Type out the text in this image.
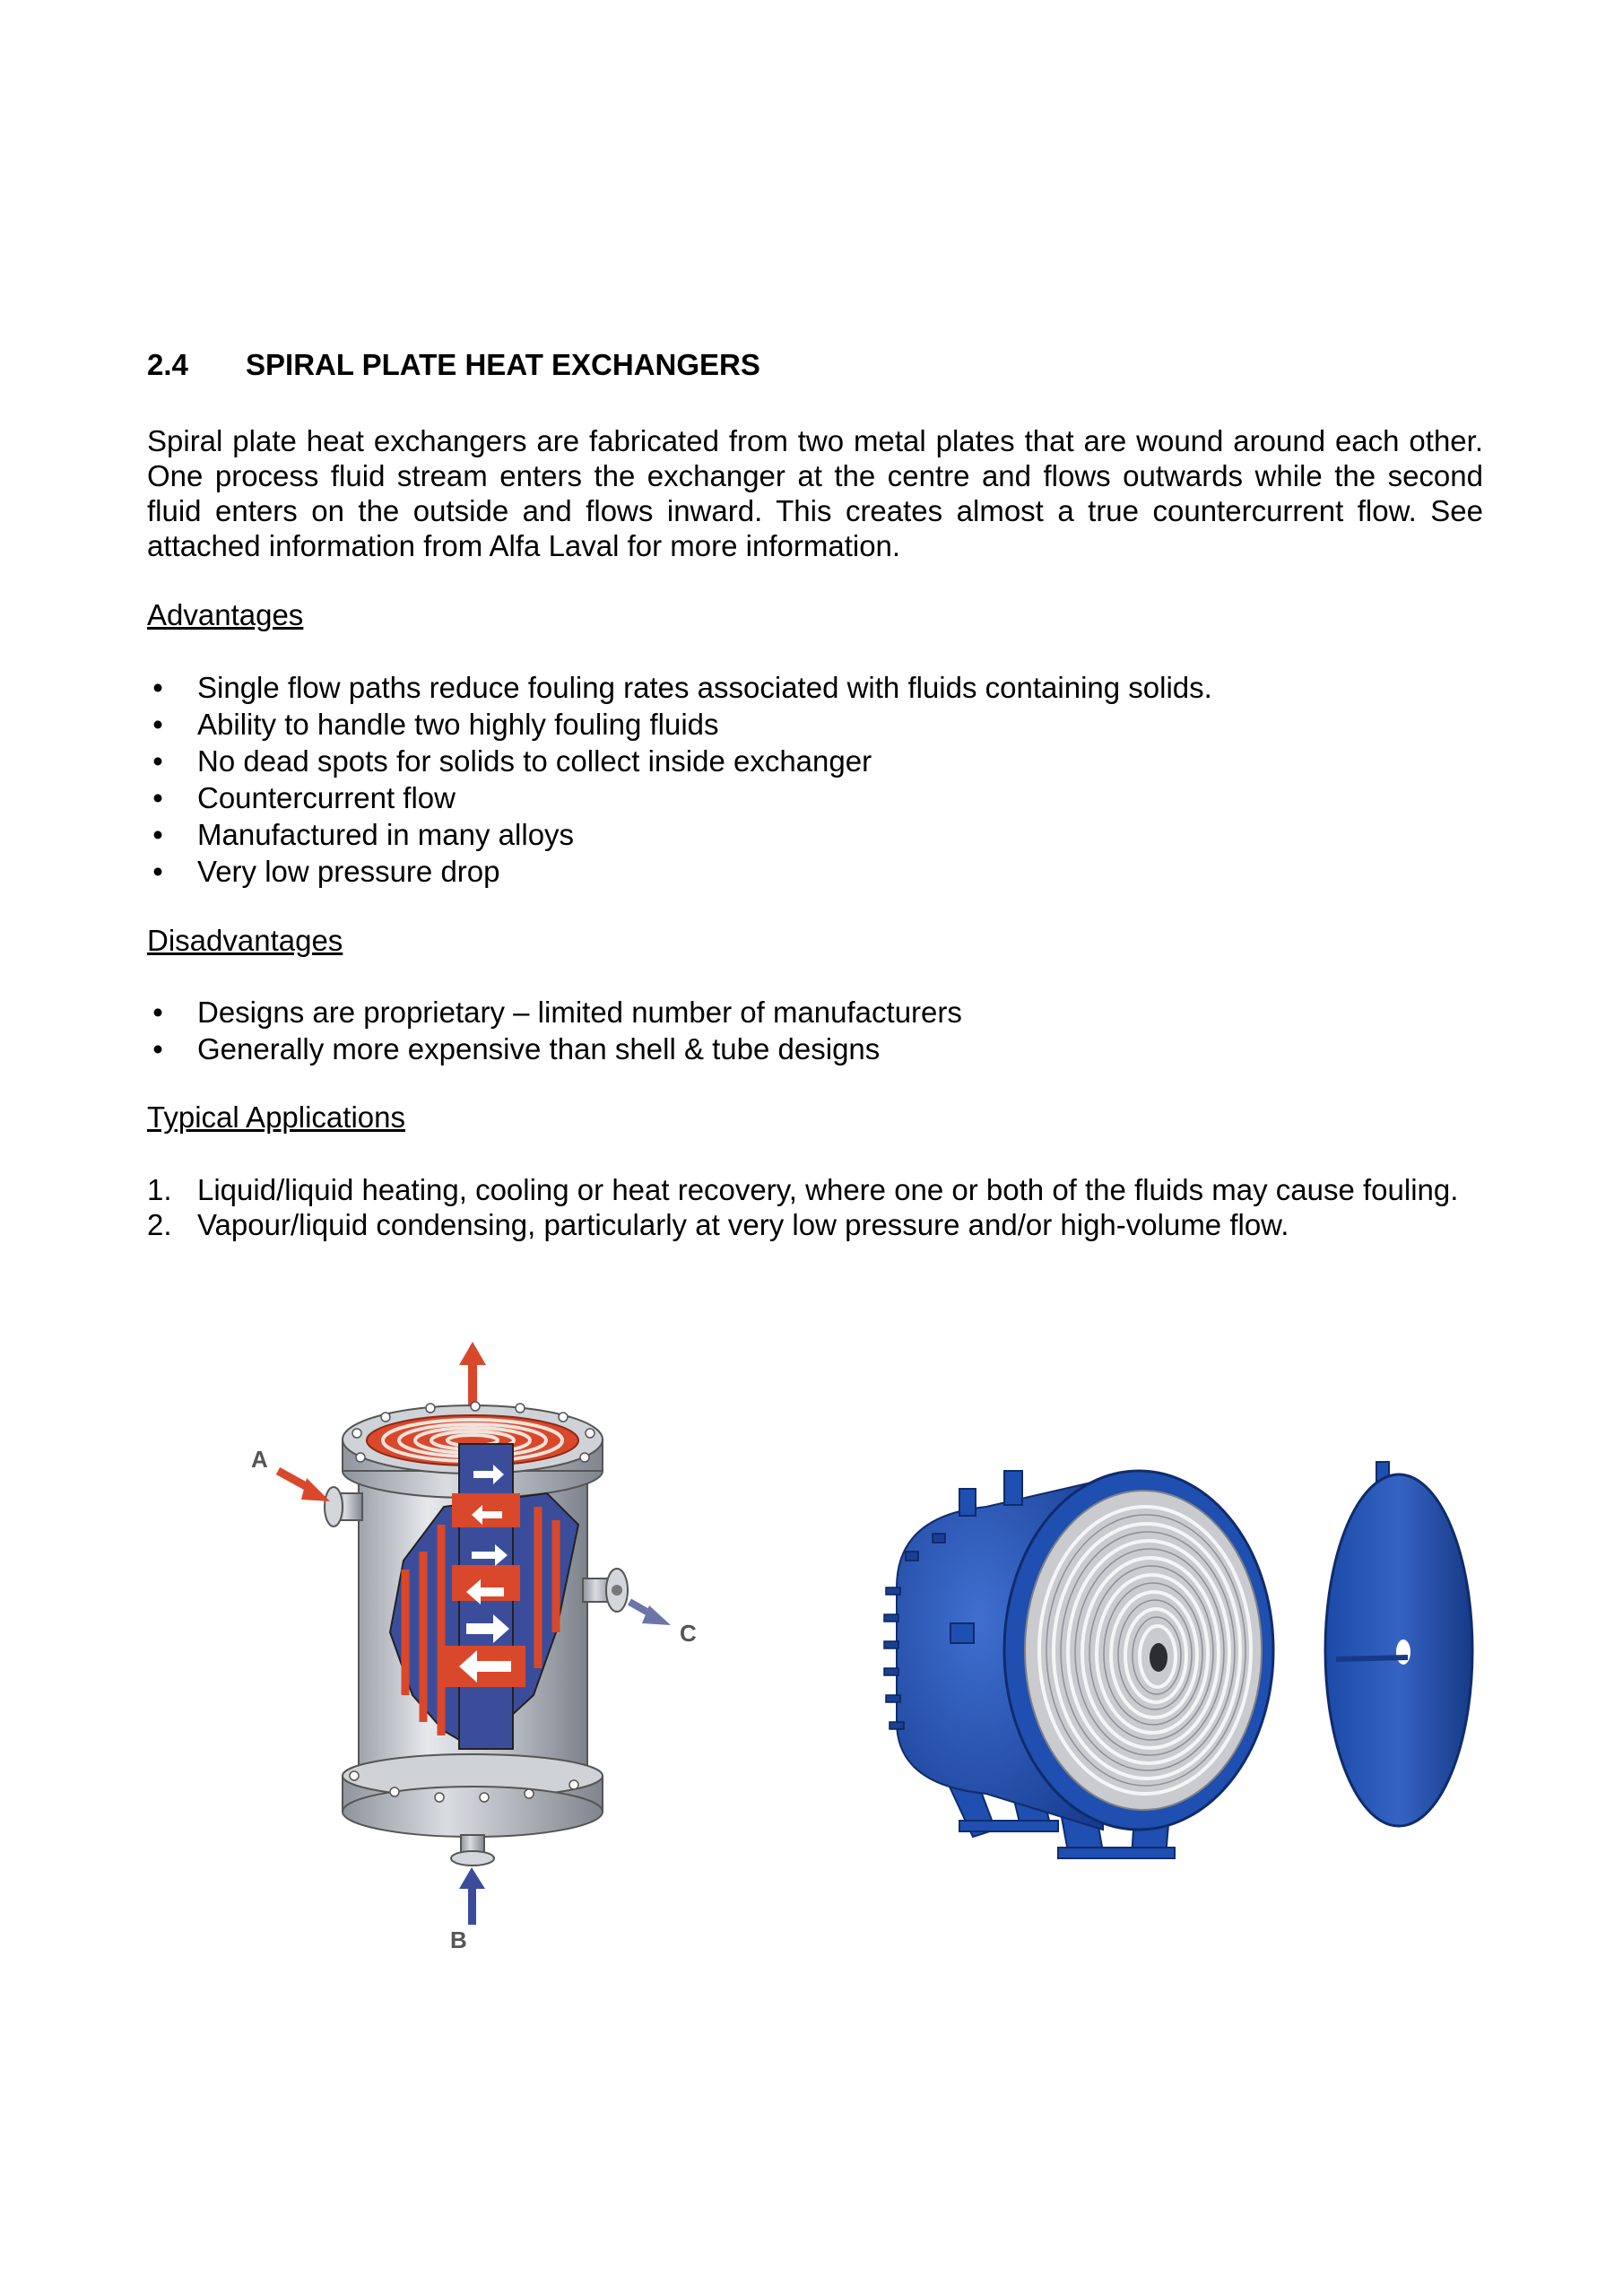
2.4 SPIRAL PLATE HEAT EXCHANGERS

Spiral plate heat exchangers are fabricated from two metal plates that are wound around each other. One process fluid stream enters the exchanger at the centre and flows outwards while the second fluid enters on the outside and flows inward. This creates almost a true countercurrent flow. See attached information from Alfa Laval for more information.

Advantages
• Single flow paths reduce fouling rates associated with fluids containing solids.
• Ability to handle two highly fouling fluids
• No dead spots for solids to collect inside exchanger
• Countercurrent flow
• Manufactured in many alloys
• Very low pressure drop
Disadvantages
• Designs are proprietary – limited number of manufacturers
• Generally more expensive than shell & tube designs
Typical Applications
1. Liquid/liquid heating, cooling or heat recovery, where one or both of the fluids may cause fouling.
2. Vapour/liquid condensing, particularly at very low pressure and/or high-volume flow.
A
C
B
